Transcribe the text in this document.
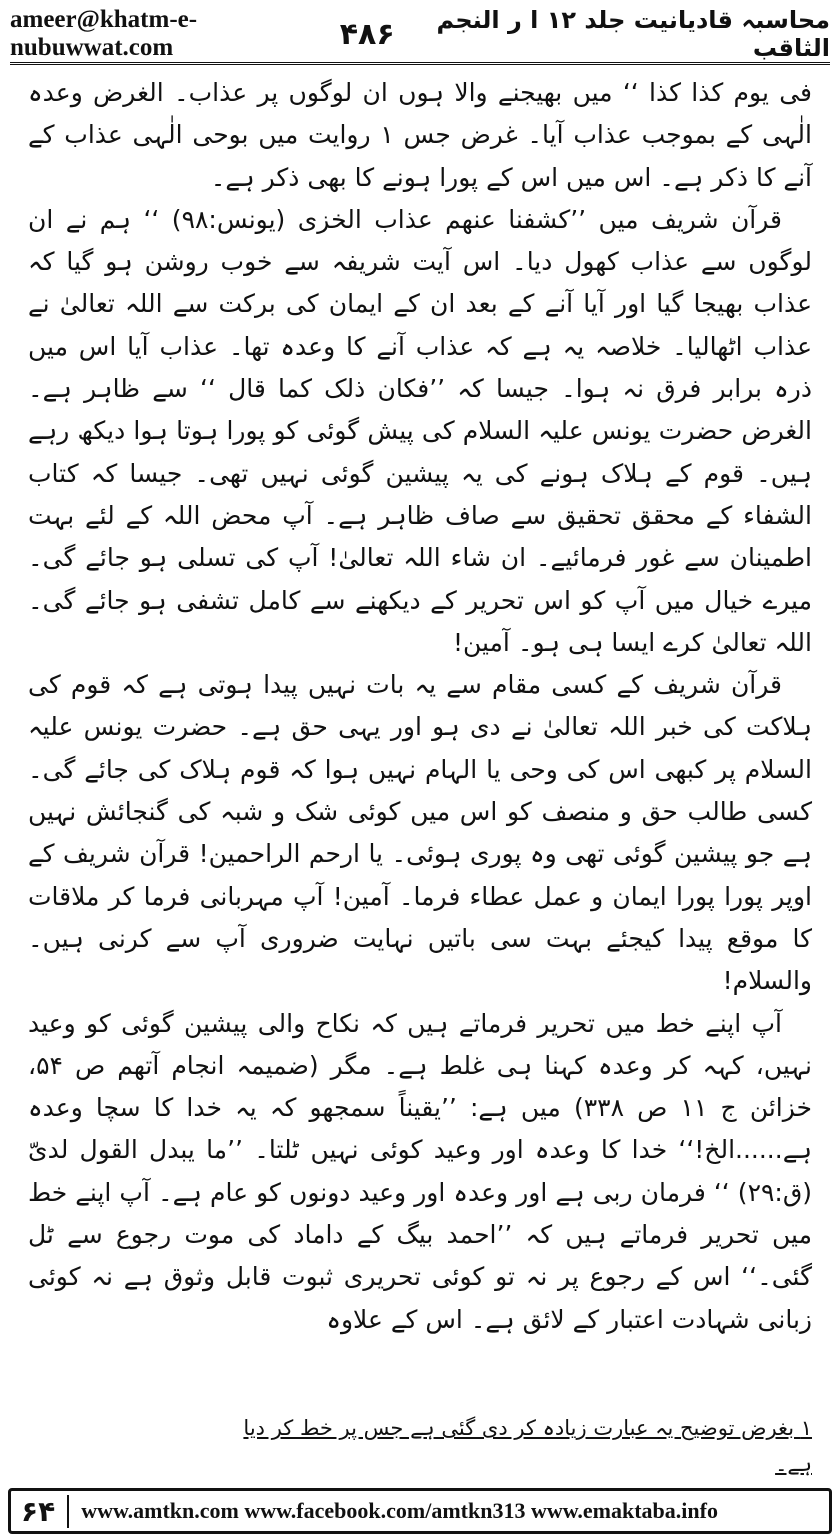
ameer@khatm-e-nubuwwat.com	۴۸۶	محاسبہ قادیانیت جلد ۱۲ ا ر النجم الثاقب

فی یوم کذا کذا ‘‘ میں بھیجنے والا ہوں ان لوگوں پر عذاب۔ الغرض وعدہ الٰہی کے بموجب عذاب آیا۔ غرض جس ۱ روایت میں بوحی الٰہی عذاب کے آنے کا ذکر ہے۔ اس میں اس کے پورا ہونے کا بھی ذکر ہے۔

قرآن شریف میں ’’کشفنا عنهم عذاب الخزی (یونس:۹۸) ‘‘ ہم نے ان لوگوں سے عذاب کھول دیا۔ اس آیت شریفہ سے خوب روشن ہو گیا کہ عذاب بھیجا گیا اور آیا آنے کے بعد ان کے ایمان کی برکت سے اللہ تعالیٰ نے عذاب اٹھالیا۔ خلاصہ یہ ہے کہ عذاب آنے کا وعدہ تھا۔ عذاب آیا اس میں ذرہ برابر فرق نہ ہوا۔ جیسا کہ ’’فکان ذلک کما قال ‘‘ سے ظاہر ہے۔ الغرض حضرت یونس علیہ السلام کی پیش گوئی کو پورا ہوتا ہوا دیکھ رہے ہیں۔ قوم کے ہلاک ہونے کی یہ پیشین گوئی نہیں تھی۔ جیسا کہ کتاب الشفاء کے محقق تحقیق سے صاف ظاہر ہے۔ آپ محض اللہ کے لئے بہت اطمینان سے غور فرمائیے۔ ان شاء اللہ تعالیٰ! آپ کی تسلی ہو جائے گی۔ میرے خیال میں آپ کو اس تحریر کے دیکھنے سے کامل تشفی ہو جائے گی۔ اللہ تعالیٰ کرے ایسا ہی ہو۔ آمین!

قرآن شریف کے کسی مقام سے یہ بات نہیں پیدا ہوتی ہے کہ قوم کی ہلاکت کی خبر اللہ تعالیٰ نے دی ہو اور یہی حق ہے۔ حضرت یونس علیہ السلام پر کبھی اس کی وحی یا الہام نہیں ہوا کہ قوم ہلاک کی جائے گی۔ کسی طالب حق و منصف کو اس میں کوئی شک و شبہ کی گنجائش نہیں ہے جو پیشین گوئی تھی وہ پوری ہوئی۔ یا ارحم الراحمین! قرآن شریف کے اوپر پورا پورا ایمان و عمل عطاء فرما۔ آمین! آپ مہربانی فرما کر ملاقات کا موقع پیدا کیجئے بہت سی باتیں نہایت ضروری آپ سے کرنی ہیں۔ والسلام!

آپ اپنے خط میں تحریر فرماتے ہیں کہ نکاح والی پیشین گوئی کو وعید نہیں، کہہ کر وعدہ کہنا ہی غلط ہے۔ مگر (ضمیمہ انجام آتھم ص ۵۴، خزائن ج ۱۱ ص ۳۳۸) میں ہے: ’’یقیناً سمجھو کہ یہ خدا کا سچا وعدہ ہے......الخ!‘‘ خدا کا وعدہ اور وعید کوئی نہیں ٹلتا۔ ’’ما یبدل القول لدیّ (ق:۲۹) ‘‘ فرمان ربی ہے اور وعدہ اور وعید دونوں کو عام ہے۔ آپ اپنے خط میں تحریر فرماتے ہیں کہ ’’احمد بیگ کے داماد کی موت رجوع سے ٹل گئی۔‘‘ اس کے رجوع پر نہ تو کوئی تحریری ثبوت قابل وثوق ہے نہ کوئی زبانی شہادت اعتبار کے لائق ہے۔ اس کے علاوہ

۱ بغرض توضیح یہ عبارت زیادہ کر دی گئی ہے جس پر خط کر دیا ہے۔
۶۴	www.amtkn.com www.facebook.com/amtkn313 www.emaktaba.info
